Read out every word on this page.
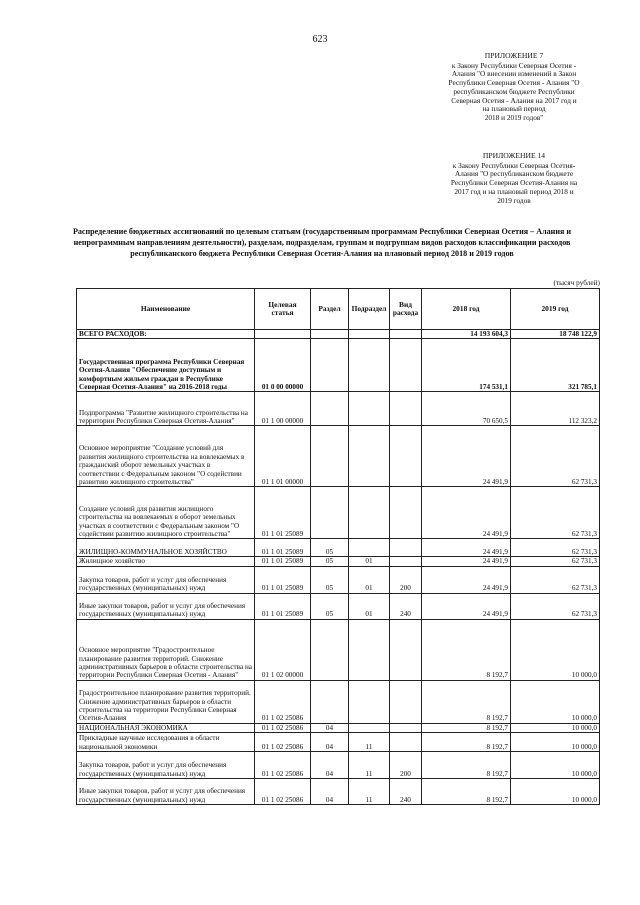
623
ПРИЛОЖЕНИЕ 7
к Закону Республики Северная Осетия -
Алания "О внесении изменений в Закон
Республики Северная Осетия - Алания "О
республиканском бюджете Республики
Северная Осетия - Алания на 2017 год и
на плановый период
2018 и 2019 годов"
ПРИЛОЖЕНИЕ 14
к Закону Республики Северная Осетия-
Алания "О республиканском бюджете
Республики Северная Осетия-Алания на
2017 год и на плановый период 2018 и
2019 годов
Распределение бюджетных ассигнований по целевым статьям (государственным программам Республики Северная Осетия – Алания и непрограммным направлениям деятельности), разделам, подразделам, группам и подгруппам видов расходов классификации расходов республиканского бюджета Республики Северная Осетия-Алания на плановый период 2018 и 2019 годов
(тысяч рублей)
Наименование	Целевая статья	Раздел	Подраздел	Вид расхода	2018 год	2019 год
ВСЕГО РАСХОДОВ:					14 193 604,3	18 748 122,9
Государственная программа Республики Северная Осетия-Алания "Обеспечение доступным и комфортным жильем граждан в Республике Северная Осетия-Алания" на 2016-2018 годы	01 0 00 00000				174 531,1	321 785,1
Подпрограмма "Развитие жилищного строительства на территории Республики Северная Осетия-Алания"	01 1 00 00000				70 650,5	112 323,2
Основное мероприятие "Создание условий для развития жилищного строительства на вовлекаемых в гражданский оборот земельных участках в соответствии с Федеральным законом "О содействии развитию жилищного строительства"	01 1 01 00000				24 491,9	62 731,3
Создание условий для развития жилищного строительства на вовлекаемых в оборот земельных участках в соответствии с Федеральным законом "О содействии развитию жилищного строительства"	01 1 01 25089				24 491,9	62 731,3
ЖИЛИЩНО-КОММУНАЛЬНОЕ ХОЗЯЙСТВО	01 1 01 25089	05			24 491,9	62 731,3
Жилищное хозяйство	01 1 01 25089	05	01		24 491,9	62 731,3
Закупка товаров, работ и услуг для обеспечения государственных (муниципальных) нужд	01 1 01 25089	05	01	200	24 491,9	62 731,3
Иные закупки товаров, работ и услуг для обеспечения государственных (муниципальных) нужд	01 1 01 25089	05	01	240	24 491,9	62 731,3
Основное мероприятие "Градостроительное планирование развития территорий. Снижение административных барьеров в области строительства на территории Республики Северная Осетия - Алания"	01 1 02 00000				8 192,7	10 000,0
Градостроительное планирование развития территорий. Снижение административных барьеров в области строительства на территории Республики Северная Осетия-Алания	01 1 02 25086				8 192,7	10 000,0
НАЦИОНАЛЬНАЯ ЭКОНОМИКА	01 1 02 25086	04			8 192,7	10 000,0
Прикладные научные исследования в области национальной экономики	01 1 02 25086	04	11		8 192,7	10 000,0
Закупка товаров, работ и услуг для обеспечения государственных (муниципальных) нужд	01 1 02 25086	04	11	200	8 192,7	10 000,0
Иные закупки товаров, работ и услуг для обеспечения государственных (муниципальных) нужд	01 1 02 25086	04	11	240	8 192,7	10 000,0
